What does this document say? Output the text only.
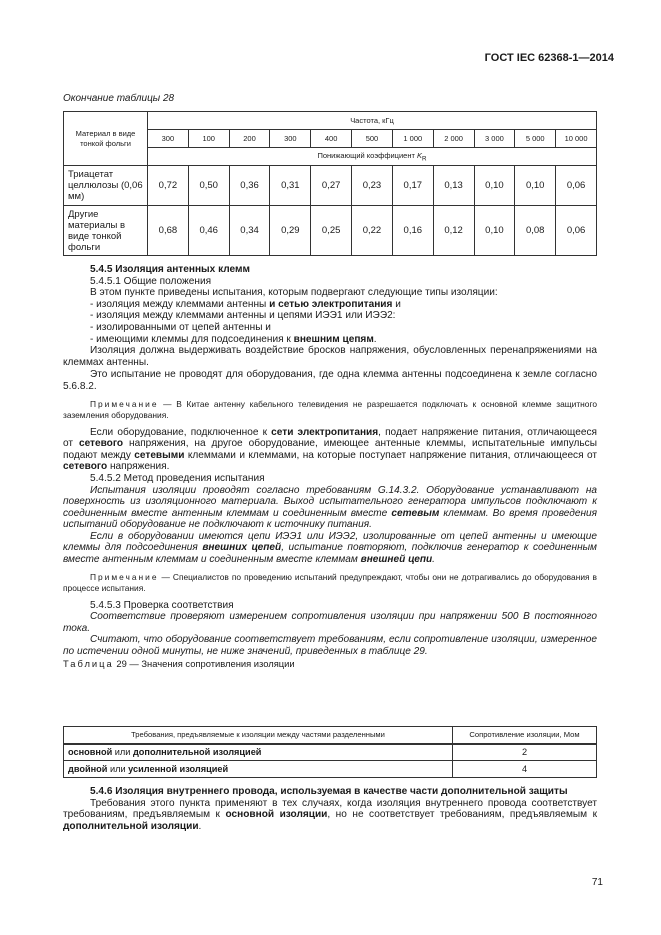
ГОСТ IEC 62368-1—2014
Окончание таблицы 28
Материал в виде тонкой фольги	Частота, кГц										
	300	100	200	300	400	500	1 000	2 000	3 000	5 000	10 000
	Понижающий коэффициент $K_R$
Триацетат целлюлозы (0,06 мм)	0,72	0,50	0,36	0,31	0,27	0,23	0,17	0,13	0,10	0,10	0,06
Другие материалы в виде тонкой фольги	0,68	0,46	0,34	0,29	0,25	0,22	0,16	0,12	0,10	0,08	0,06
5.4.5 Изоляция антенных клемм
5.4.5.1 Общие положения
В этом пункте приведены испытания, которым подвергают следующие типы изоляции:
- изоляция между клеммами антенны и сетью электропитания и
- изоляция между клеммами антенны и цепями ИЭЭ1 или ИЭЭ2:
- изолированными от цепей антенны и
- имеющими клеммы для подсоединения к внешним цепям.
Изоляция должна выдерживать воздействие бросков напряжения, обусловленных перенапряжениями на клеммах антенны.
Это испытание не проводят для оборудования, где одна клемма антенны подсоединена к земле согласно 5.6.8.2.
Примечание — В Китае антенну кабельного телевидения не разрешается подключать к основной клемме защитного заземления оборудования.
Если оборудование, подключенное к сети электропитания, подает напряжение питания, отличающееся от сетевого напряжения, на другое оборудование, имеющее антенные клеммы, испытательные импульсы подают между сетевыми клеммами и клеммами, на которые поступает напряжение питания, отличающееся от сетевого напряжения.
5.4.5.2 Метод проведения испытания
Испытания изоляции проводят согласно требованиям G.14.3.2. Оборудование устанавливают на поверхность из изоляционного материала. Выход испытательного генератора импульсов подключают к соединенным вместе антенным клеммам и соединенным вместе сетевым клеммам. Во время проведения испытаний оборудование не подключают к источнику питания.
Если в оборудовании имеются цепи ИЭЭ1 или ИЭЭ2, изолированные от цепей антенны и имеющие клеммы для подсоединения внешних цепей, испытание повторяют, подключив генератор к соединенным вместе антенным клеммам и соединенным вместе клеммам внешней цепи.
Примечание — Специалистов по проведению испытаний предупреждают, чтобы они не дотрагивались до оборудования в процессе испытания.
5.4.5.3 Проверка соответствия
Соответствие проверяют измерением сопротивления изоляции при напряжении 500 В постоянного тока.
Считают, что оборудование соответствует требованиям, если сопротивление изоляции, измеренное по истечении одной минуты, не ниже значений, приведенных в таблице 29.
Таблица 29 — Значения сопротивления изоляции
Требования, предъявляемые к изоляции между частями разделенными	Сопротивление изоляции, Мом
основной или дополнительной изоляцией	2
двойной или усиленной изоляцией	4
5.4.6 Изоляция внутреннего провода, используемая в качестве части дополнительной защиты
Требования этого пункта применяют в тех случаях, когда изоляция внутреннего провода соответствует требованиям, предъявляемым к основной изоляции, но не соответствует требованиям, предъявляемым к дополнительной изоляции.
71
